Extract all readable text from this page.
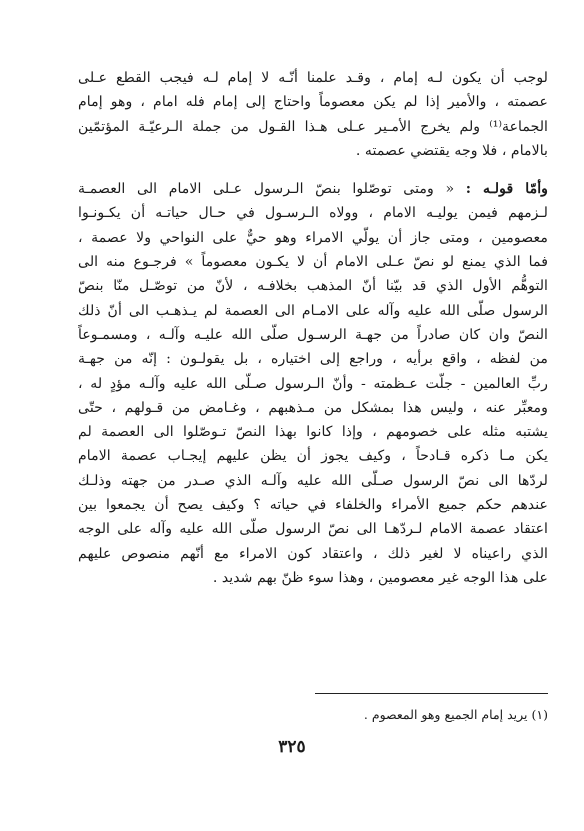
لوجب أن يكون لـه إمام ، وقـد علمنا أنّـه لا إمام لـه فيجب القطع عـلى
عصمته ، والأمير إذا لم يكن معصوماً واحتاج إلى إمام فله امام ، وهو إمام
الجماعة⁽¹⁾ ولم يخرج الأمـير عـلى هـذا القـول من جملة الـرعيّـة المؤتمّين
بالامام ، فلا وجه يقتضي عصمته .
وأمّا قولـه : « ومتى توصّلوا بنصّ الـرسول عـلى الامام الى العصمـة
لـزمهم فيمن يوليـه الامام ، وولاه الـرسـول في حـال حياتـه أن يكـونـوا
معصومين ، ومتى جاز أن يولّي الامراء وهو حيٌّ على النواحي ولا عصمة ،
فما الذي يمنع لو نصّ عـلى الامام أن لا يكـون معصوماً » فرجـوع منه الى
التوهُّم الأول الذي قد بيّنا أنّ المذهب بخلافـه ، لأنّ من توصّـل منّا بنصّ
الرسول صلّى الله عليه وآله على الامـام الى العصمة لم يـذهـب الى أنّ ذلك
النصّ وان كان صادراً من جهـة الرسـول صلّى الله عليـه وآلـه ، ومسمـوعاً
من لفظه ، واقع برأيه ، وراجع إلى اختياره ، بل يقولـون : إنّه من جهـة
ربِّ العالمين - جلّت عـظمته - وأنّ الـرسول صـلّى الله عليه وآلـه مؤدٍ له ،
ومعبِّر عنه ، وليس هذا بمشكل من مـذهبهم ، وغـامض من قـولهم ، حتّى
يشتبه مثله على خصومهم ، وإذا كانوا بهذا النصّ تـوصّلوا الى العصمة لم
يكن مـا ذكره قـادحاً ، وكيف يجوز أن يظن عليهم إيجـاب عصمة الامام
لردّها الى نصّ الرسول صـلّى الله عليه وآلـه الذي صـدر من جهته وذلـك
عندهم حكم جميع الأمراء والخلفاء في حياته ؟ وكيف يصح أن يجمعوا بين
اعتقاد عصمة الامام لـردّهـا الى نصّ الرسول صلّى الله عليه وآله على الوجه
الذي راعيناه لا لغير ذلك ، واعتقاد كون الامراء مع أنّهم منصوص عليهم
على هذا الوجه غير معصومين ، وهذا سوء ظنّ بهم شديد .
(١) يريد إمام الجميع وهو المعصوم .
٣٢٥
